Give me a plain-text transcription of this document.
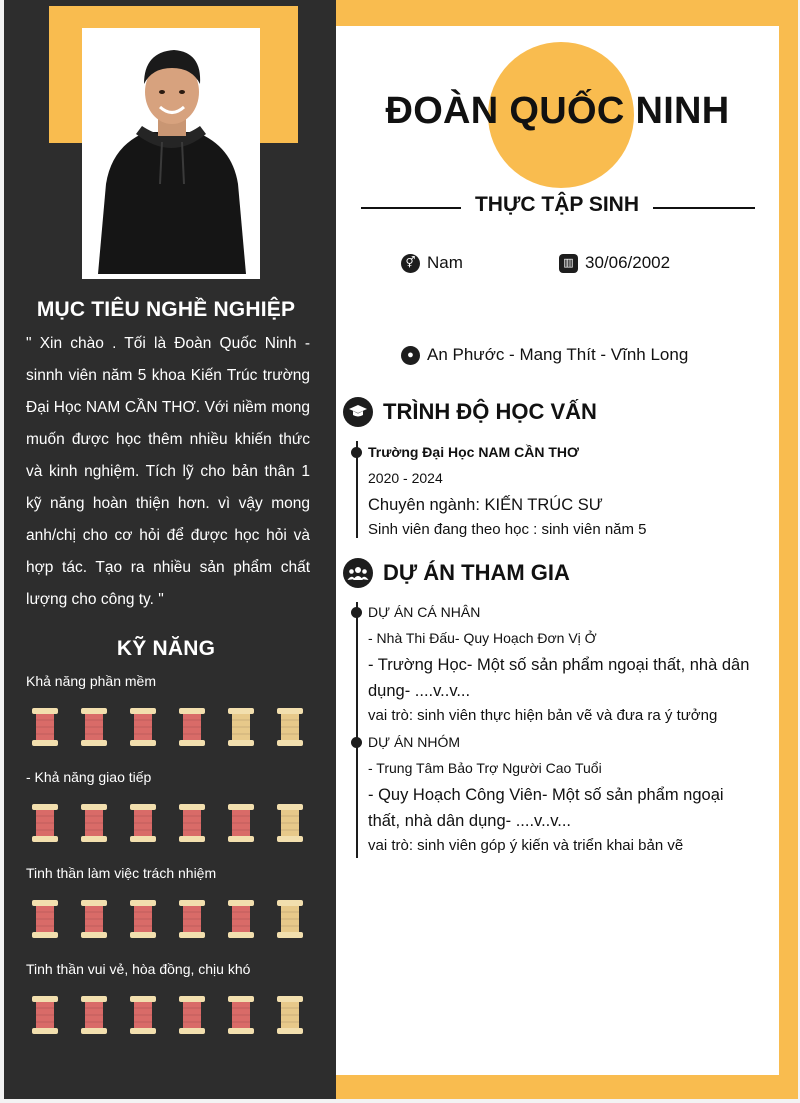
MỤC TIÊU NGHỀ NGHIỆP
" Xin chào . Tối là Đoàn Quốc Ninh - sinnh viên năm 5 khoa Kiến Trúc trường Đại Học NAM CẦN THƠ. Với niềm mong muốn được học thêm nhiều khiến thức và kinh nghiệm. Tích lỹ cho bản thân 1 kỹ năng hoàn thiện hơn. vì vậy mong anh/chị cho cơ hỏi để được học hỏi và hợp tác. Tạo ra nhiều sản phẩm chất lượng cho công ty. "
KỸ NĂNG
Khả năng phần mềm
- Khả năng giao tiếp
Tinh thần làm việc trách nhiệm
Tinh thần vui vẻ, hòa đồng, chịu khó
ĐOÀN QUỐC NINH
THỰC TẬP SINH
⚥ Nam	▥ 30/06/2002
● An Phước - Mang Thít - Vĩnh Long
TRÌNH ĐỘ HỌC VẤN
Trường Đại Học NAM CẦN THƠ
2020 - 2024
Chuyên ngành: KIẾN TRÚC SƯ
Sinh viên đang theo học : sinh viên năm 5
DỰ ÁN THAM GIA
DỰ ÁN CÁ NHÂN
- Nhà Thi Đấu- Quy Hoạch Đơn Vị Ở
- Trường Học- Một số sản phẩm ngoại thất, nhà dân dụng- ....v..v...
vai trò: sinh viên thực hiện bản vẽ và đưa ra ý tưởng
DỰ ÁN NHÓM
- Trung Tâm Bảo Trợ Người Cao Tuổi
- Quy Hoạch Công Viên- Một số sản phẩm ngoại thất, nhà dân dụng- ....v..v...
vai trò: sinh viên góp ý kiến và triển khai bản vẽ
